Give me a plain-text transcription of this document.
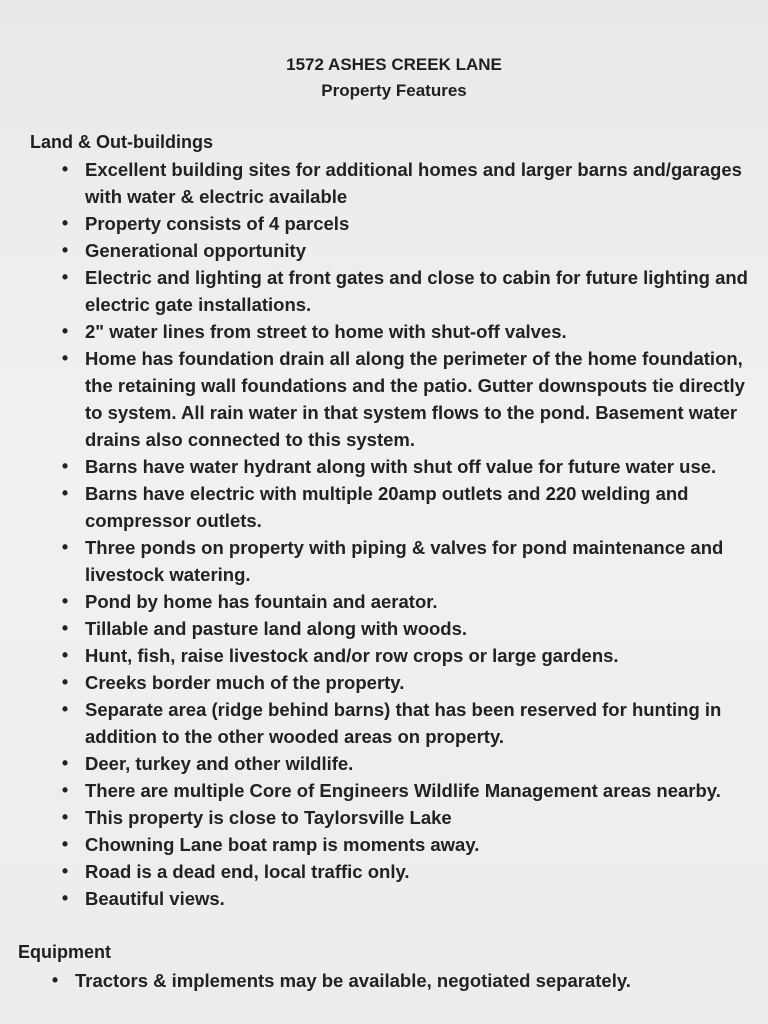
1572 ASHES CREEK LANE
Property Features
Land & Out-buildings
• Excellent building sites for additional homes and larger barns and/garages with water & electric available
• Property consists of 4 parcels
• Generational opportunity
• Electric and lighting at front gates and close to cabin for future lighting and electric gate installations.
• 2" water lines from street to home with shut-off valves.
• Home has foundation drain all along the perimeter of the home foundation, the retaining wall foundations and the patio. Gutter downspouts tie directly to system. All rain water in that system flows to the pond. Basement water drains also connected to this system.
• Barns have water hydrant along with shut off value for future water use.
• Barns have electric with multiple 20amp outlets and 220 welding and compressor outlets.
• Three ponds on property with piping & valves for pond maintenance and livestock watering.
• Pond by home has fountain and aerator.
• Tillable and pasture land along with woods.
• Hunt, fish, raise livestock and/or row crops or large gardens.
• Creeks border much of the property.
• Separate area (ridge behind barns) that has been reserved for hunting in addition to the other wooded areas on property.
• Deer, turkey and other wildlife.
• There are multiple Core of Engineers Wildlife Management areas nearby.
• This property is close to Taylorsville Lake
• Chowning Lane boat ramp is moments away.
• Road is a dead end, local traffic only.
• Beautiful views.
Equipment
• Tractors & implements may be available, negotiated separately.
